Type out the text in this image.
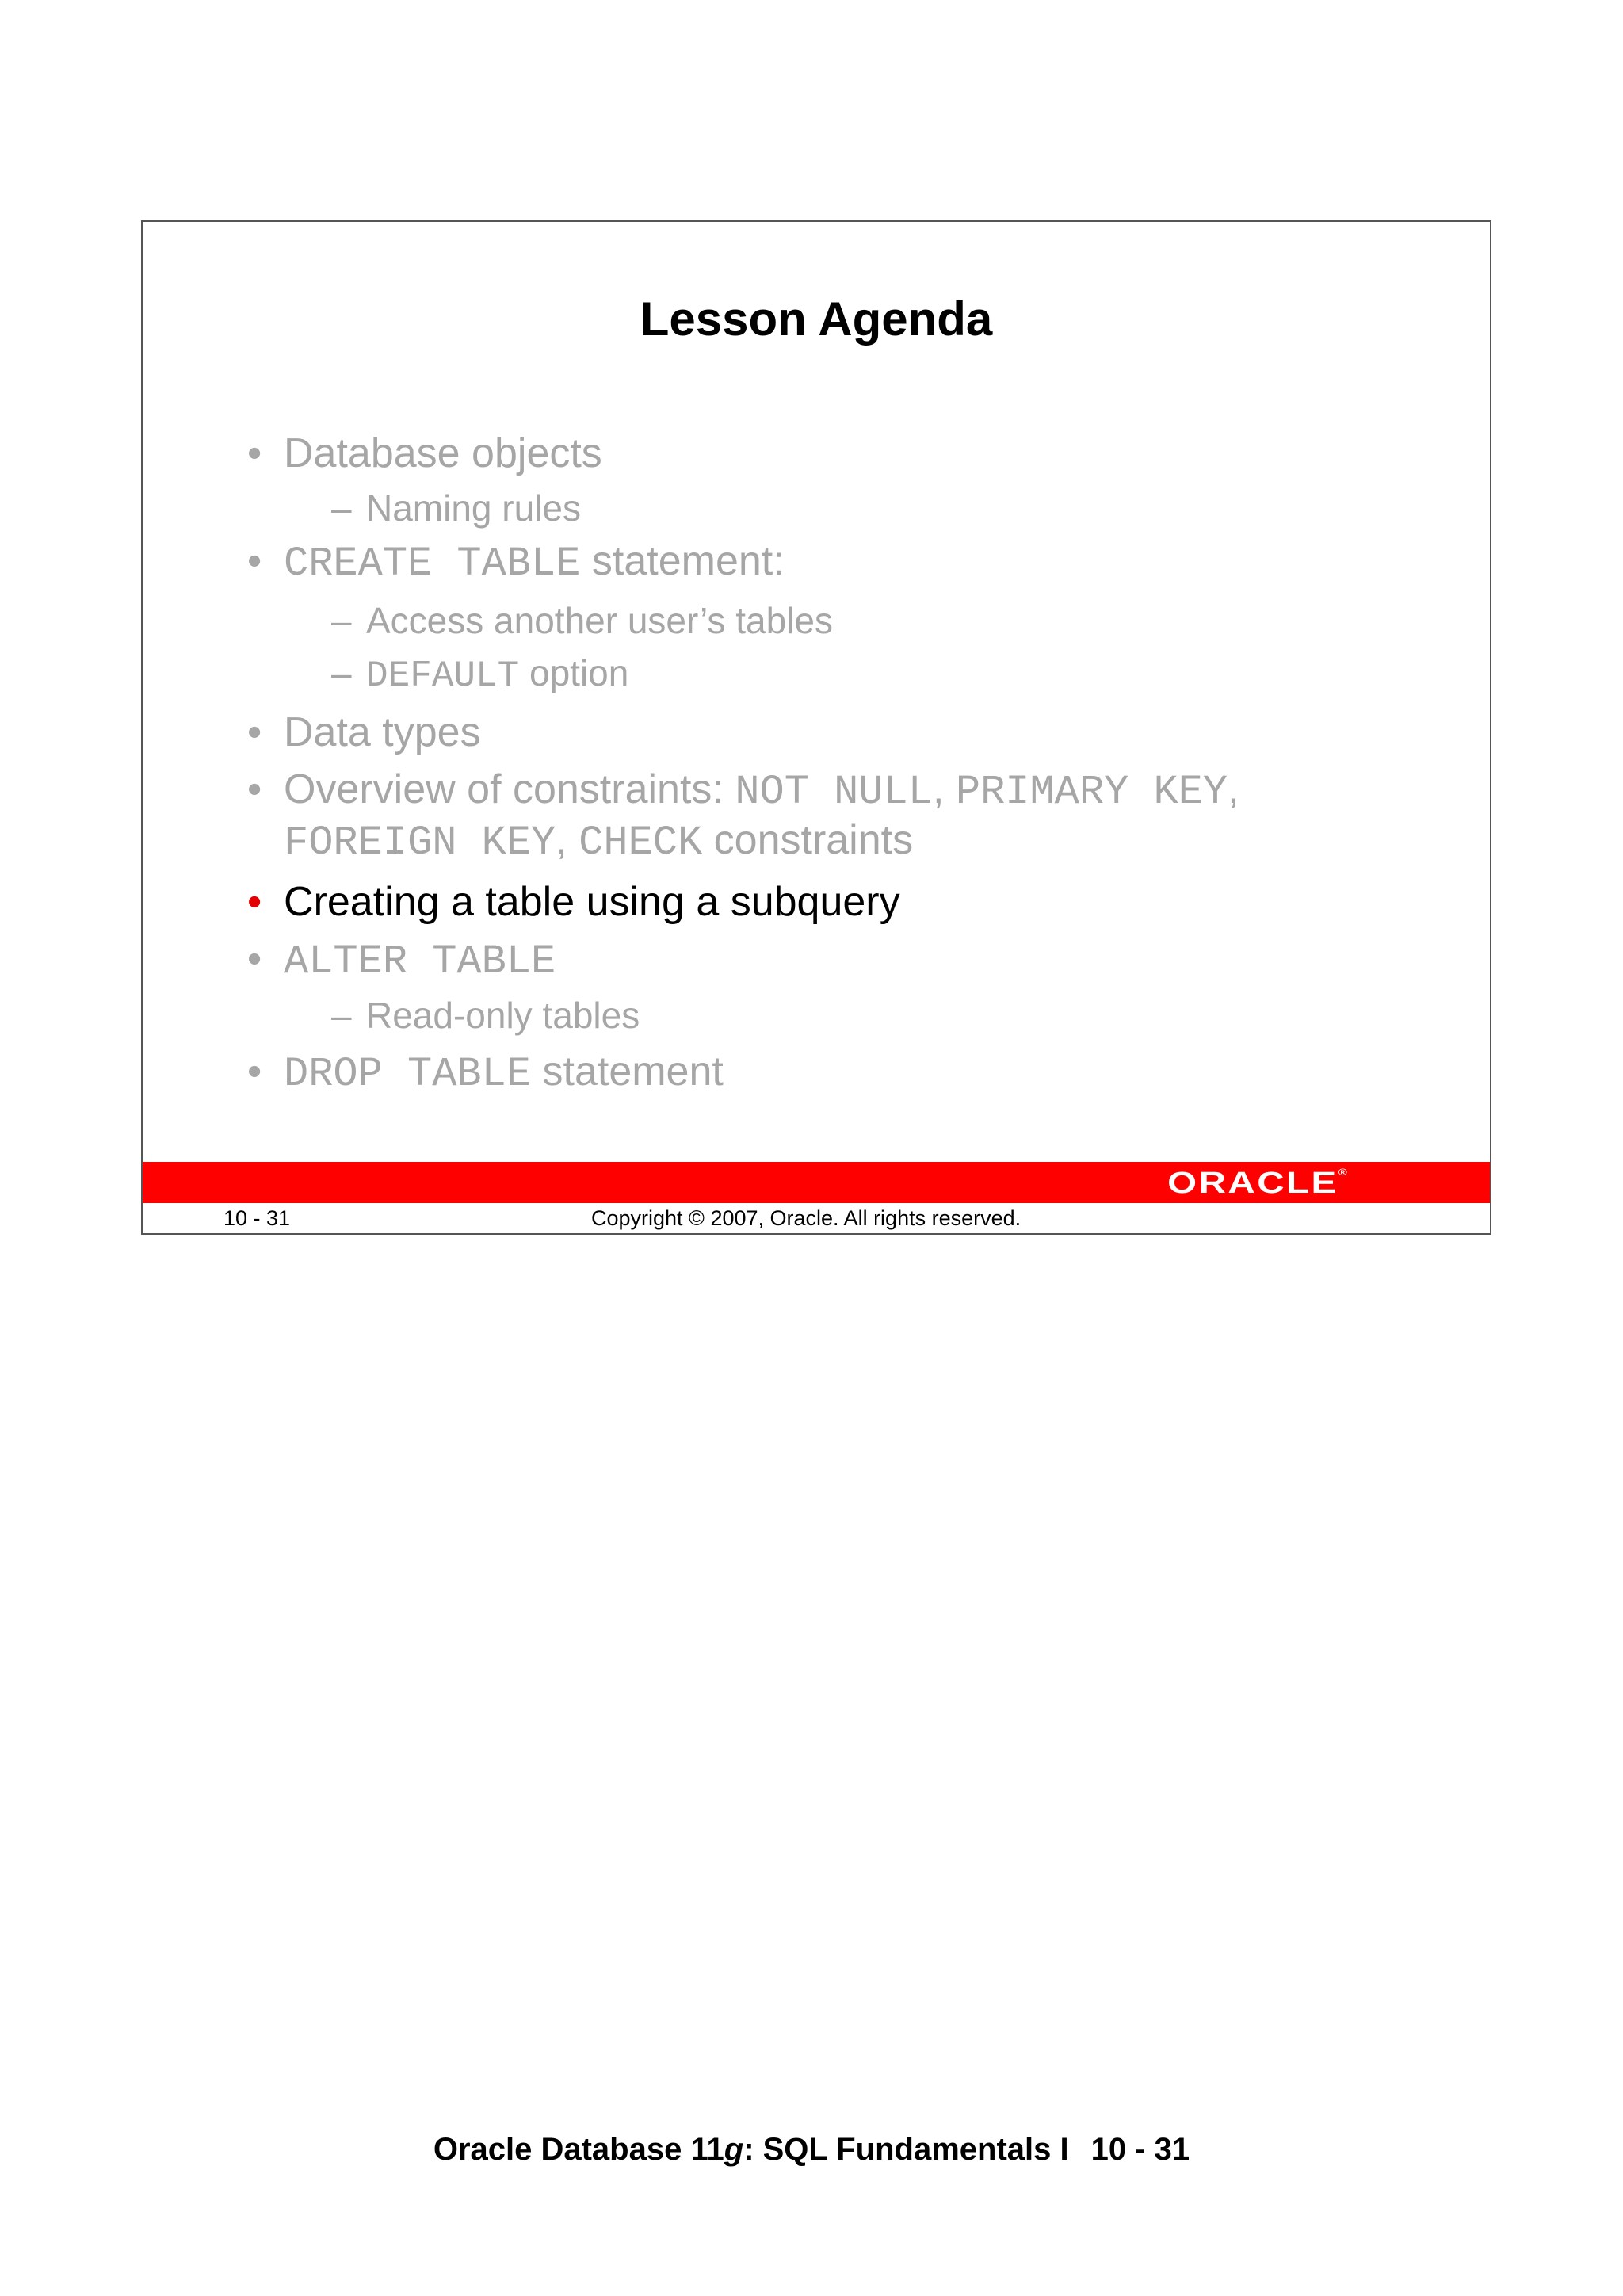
Lesson Agenda
• Database objects
– Naming rules
• CREATE TABLE statement:
– Access another user’s tables
– DEFAULT option
• Data types
• Overview of constraints: NOT NULL, PRIMARY KEY,
FOREIGN KEY, CHECK constraints
• Creating a table using a subquery
• ALTER TABLE
– Read-only tables
• DROP TABLE statement
ORACLE®
10 - 31	Copyright © 2007, Oracle. All rights reserved.
Oracle Database 11g: SQL Fundamentals I 10 - 31
